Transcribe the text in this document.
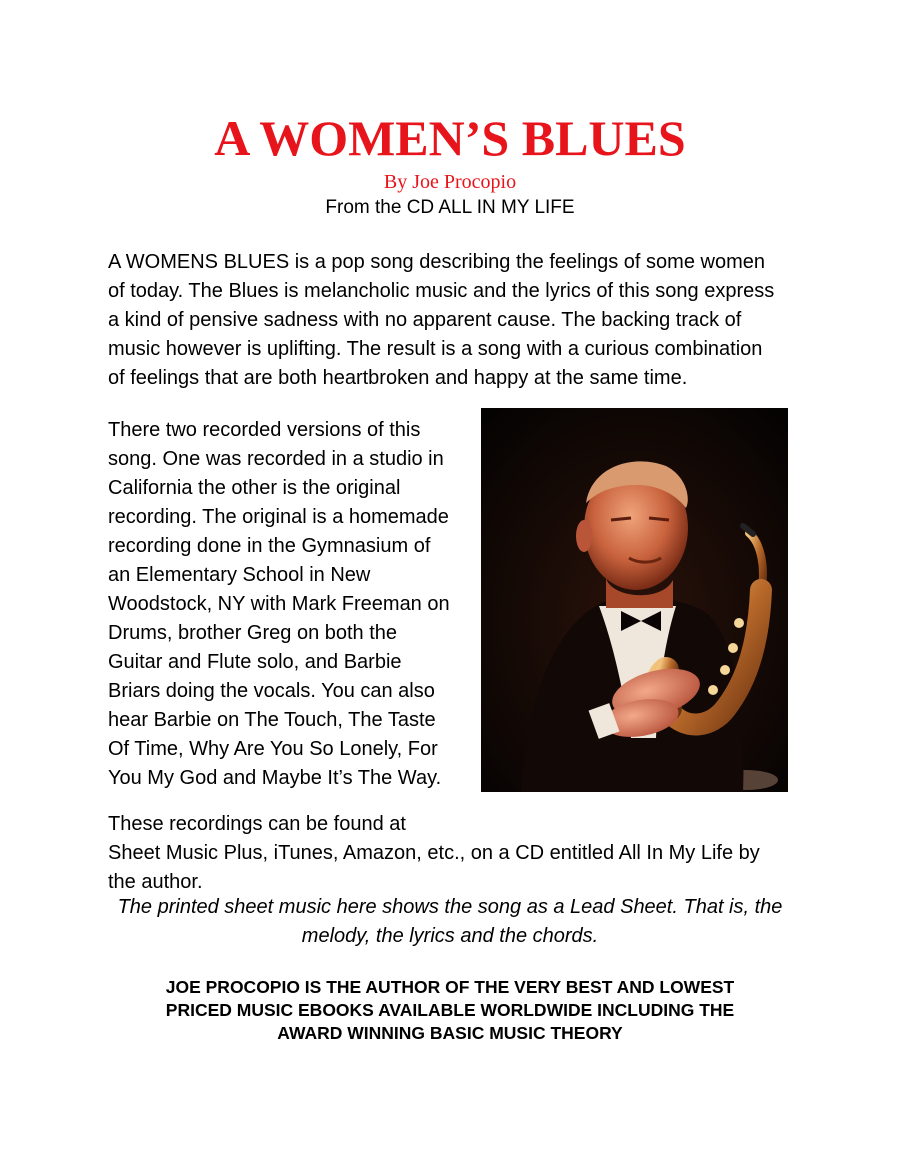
A WOMEN’S BLUES
By Joe Procopio
From the CD ALL IN MY LIFE
A WOMENS BLUES is a pop song describing the feelings of some women
of today. The Blues is melancholic music and the lyrics of this song express
a kind of pensive sadness with no apparent cause. The backing track of
music however is uplifting. The result is a song with a curious combination
of feelings that are both heartbroken and happy at the same time.
There two recorded versions of this
song. One was recorded in a studio in
California the other is the original
recording. The original is a homemade
recording done in the Gymnasium of
an Elementary School in New
Woodstock, NY with Mark Freeman on
Drums, brother Greg on both the
Guitar and Flute solo, and Barbie
Briars doing the vocals. You can also
hear Barbie on The Touch, The Taste
Of Time, Why Are You So Lonely, For
You My God and Maybe It’s The Way.
These recordings can be found at
Sheet Music Plus, iTunes, Amazon, etc., on a CD entitled All In My Life by
the author.
The printed sheet music here shows the song as a Lead Sheet. That is, the
melody, the lyrics and the chords.
JOE PROCOPIO IS THE AUTHOR OF THE VERY BEST AND LOWEST
PRICED MUSIC EBOOKS AVAILABLE WORLDWIDE INCLUDING THE
AWARD WINNING BASIC MUSIC THEORY
